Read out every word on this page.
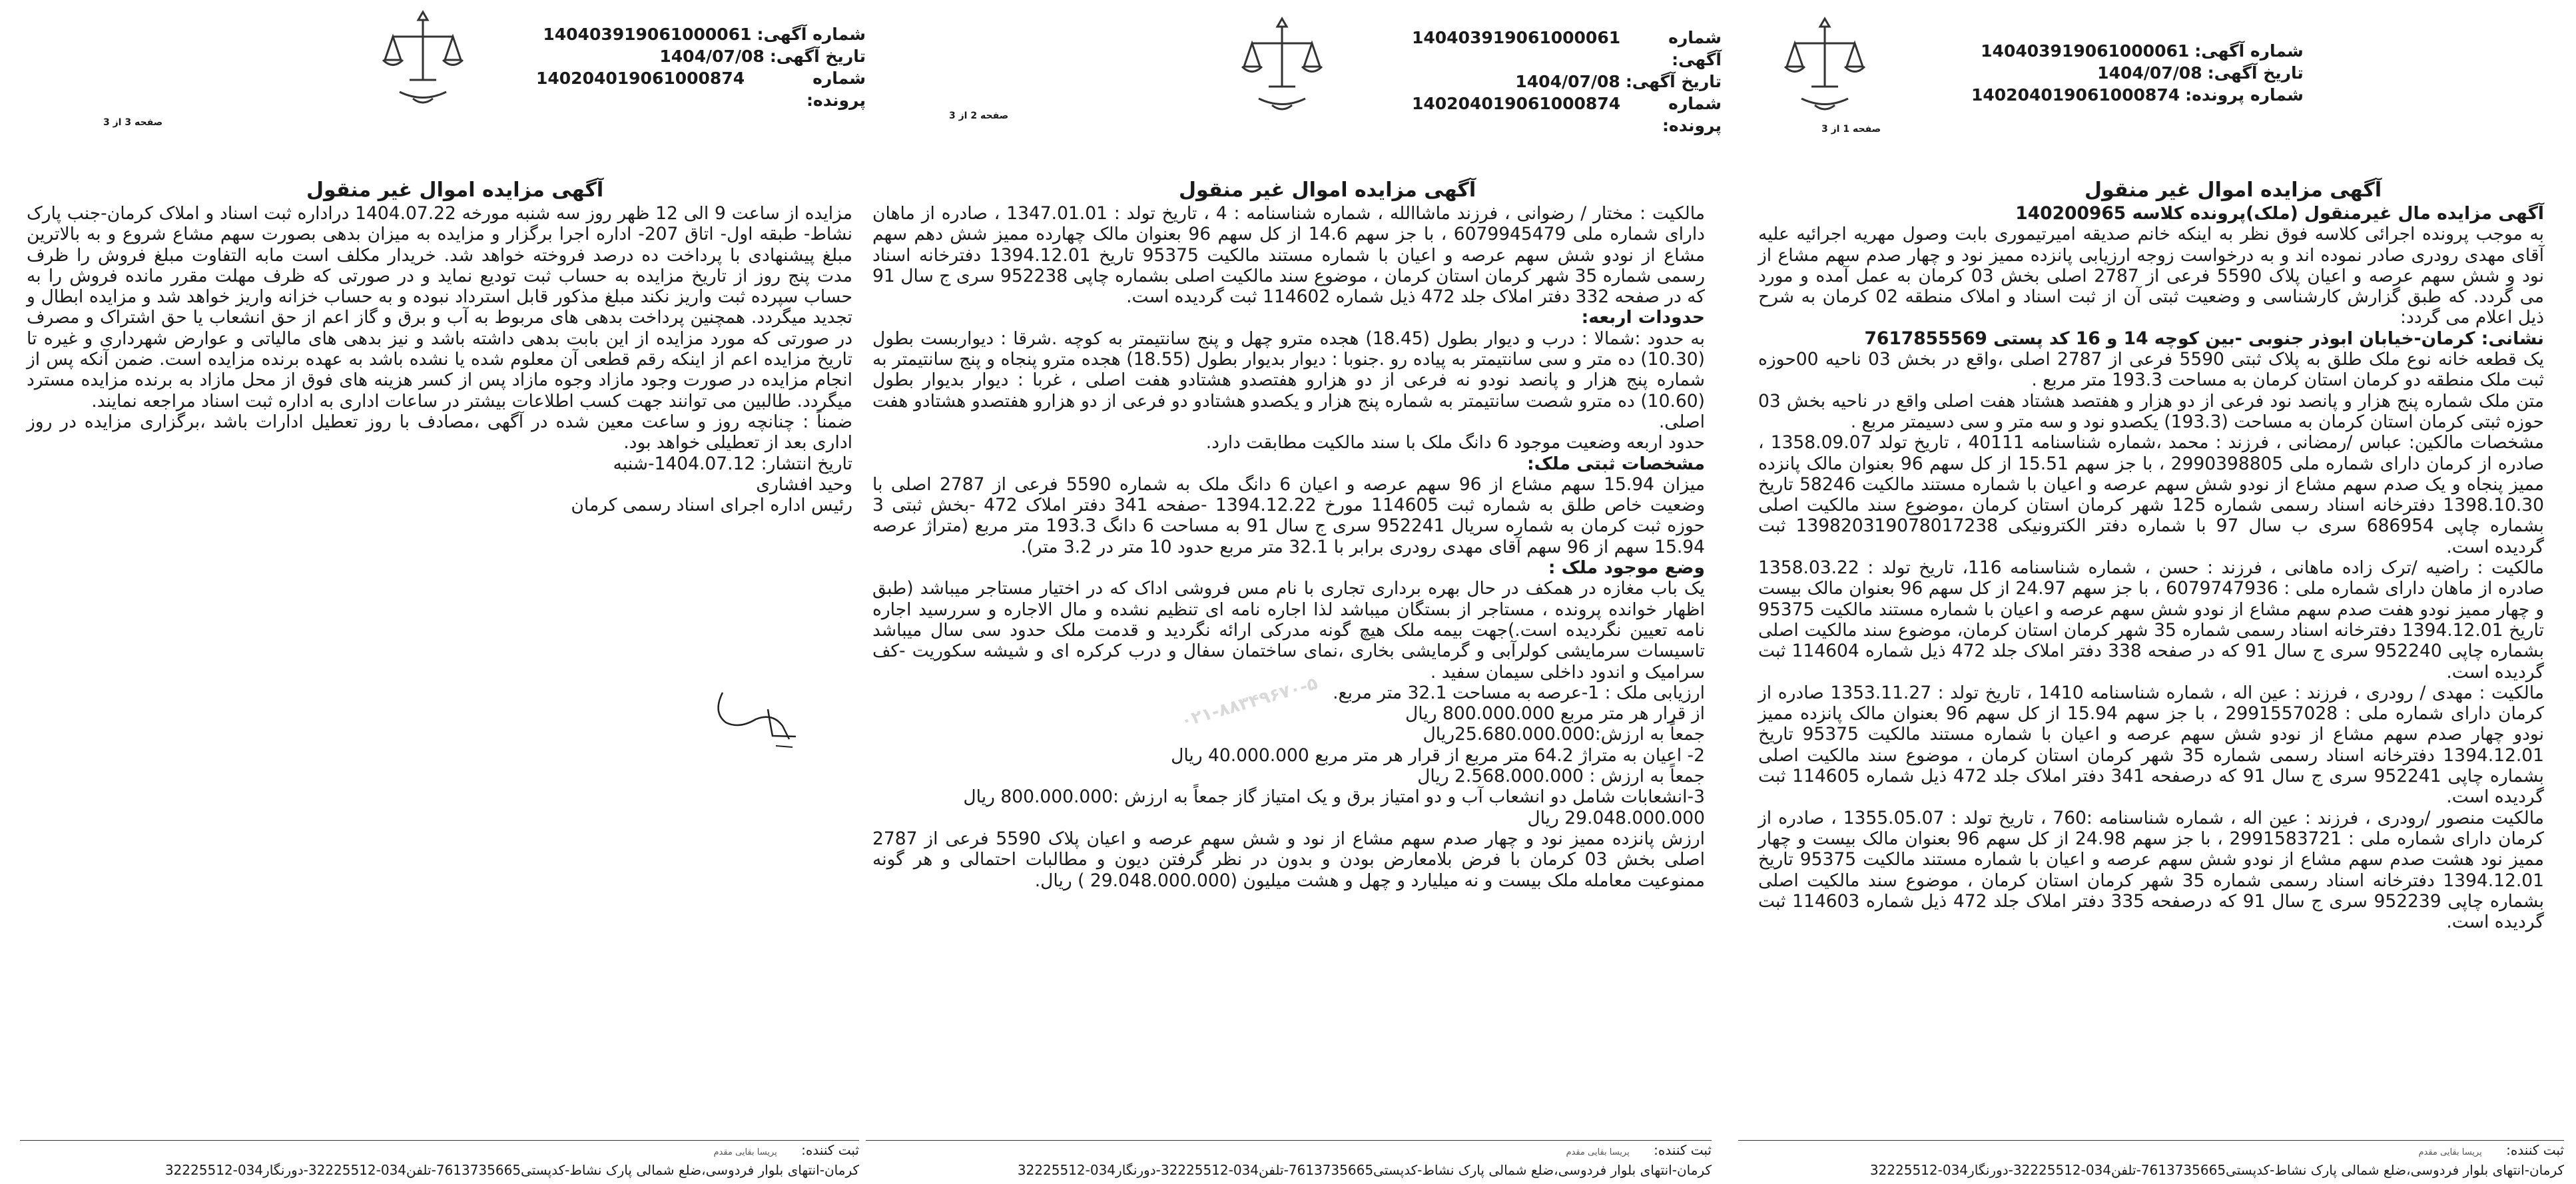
شماره آگهی:
140403919061000061
تاریخ آگهی:
1404/07/08
شماره پرونده:
140204019061000874
صفحه 1 از 3
آگهی مزایده اموال غیر منقول

آگهی مزایده مال غیرمنقول (ملک)پرونده کلاسه 140200965

به موجب پرونده اجرائی کلاسه فوق نظر به اینکه خانم صدیقه امیرتیموری بابت وصول مهریه اجرائیه علیه آقای مهدی رودری صادر نموده اند و به درخواست زوجه ارزیابی پانزده ممیز نود و چهار صدم سهم مشاع از نود و شش سهم عرصه و اعیان پلاک 5590 فرعی از 2787 اصلی بخش 03 کرمان به عمل آمده و مورد می گردد. که طبق گزارش کارشناسی و وضعیت ثبتی آن از ثبت اسناد و املاک منطقه 02 کرمان به شرح ذیل اعلام می گردد:

نشانی: کرمان-خیابان ابوذر جنوبی -بین کوچه 14 و 16 کد پستی 7617855569

یک قطعه خانه نوع ملک طلق به پلاک ثبتی 5590 فرعی از 2787 اصلی ،واقع در بخش 03 ناحیه 00حوزه ثبت ملک منطقه دو کرمان استان کرمان به مساحت 193.3 متر مربع .

متن ملک شماره پنج هزار و پانصد نود فرعی از دو هزار و هفتصد هشتاد هفت اصلی واقع در ناحیه بخش 03 حوزه ثبتی کرمان استان کرمان به مساحت (193.3) یکصدو نود و سه متر و سی دسیمتر مربع .

مشخصات مالکین: عباس /رمضانی ، فرزند : محمد ،شماره شناسنامه 40111 ، تاریخ تولد 1358.09.07 ، صادره از کرمان دارای شماره ملی 2990398805 ، با جز سهم 15.51 از کل سهم 96 بعنوان مالک پانزده ممیز پنجاه و یک صدم سهم مشاع از نودو شش سهم عرصه و اعیان با شماره مستند مالکیت 58246 تاریخ 1398.10.30 دفترخانه اسناد رسمی شماره 125 شهر کرمان استان کرمان ،موضوع سند مالکیت اصلی بشماره چاپی 686954 سری ب سال 97 با شماره دفتر الکترونیکی 139820319078017238 ثبت گردیده است.

مالکیت : راضیه /ترک زاده ماهانی ، فرزند : حسن ، شماره شناسنامه 116، تاریخ تولد : 1358.03.22 صادره از ماهان دارای شماره ملی : 6079747936 ، با جز سهم 24.97 از کل سهم 96 بعنوان مالک بیست و چهار ممیز نودو هفت صدم سهم مشاع از نودو شش سهم عرصه و اعیان با شماره مستند مالکیت 95375 تاریخ 1394.12.01 دفترخانه اسناد رسمی شماره 35 شهر کرمان استان کرمان، موضوع سند مالکیت اصلی بشماره چاپی 952240 سری ج سال 91 که در صفحه 338 دفتر املاک جلد 472 ذیل شماره 114604 ثبت گردیده است.

مالکیت : مهدی / رودری ، فرزند : عین اله ، شماره شناسنامه 1410 ، تاریخ تولد : 1353.11.27 صادره از کرمان دارای شماره ملی : 2991557028 ، با جز سهم 15.94 از کل سهم 96 بعنوان مالک پانزده ممیز نودو چهار صدم سهم مشاع از نودو شش سهم عرصه و اعیان با شماره مستند مالکیت 95375 تاریخ 1394.12.01 دفترخانه اسناد رسمی شماره 35 شهر کرمان استان کرمان ، موضوع سند مالکیت اصلی بشماره چاپی 952241 سری ج سال 91 که درصفحه 341 دفتر املاک جلد 472 ذیل شماره 114605 ثبت گردیده است.

مالکیت منصور /رودری ، فرزند : عین اله ، شماره شناسنامه :760 ، تاریخ تولد : 1355.05.07 ، صادره از کرمان دارای شماره ملی : 2991583721 ، با جز سهم 24.98 از کل سهم 96 بعنوان مالک بیست و چهار ممیز نود هشت صدم سهم مشاع از نودو شش سهم عرصه و اعیان با شماره مستند مالکیت 95375 تاریخ 1394.12.01 دفترخانه اسناد رسمی شماره 35 شهر کرمان استان کرمان ، موضوع سند مالکیت اصلی بشماره چاپی 952239 سری ج سال 91 که درصفحه 335 دفتر املاک جلد 472 ذیل شماره 114603 ثبت گردیده است.

ثبت کننده: پریسا بقایی مقدم
کرمان-انتهای بلوار فردوسی،ضلع شمالی پارک نشاط-کدپستی7613735665-تلفن034-32225512-دورنگار034-32225512
شماره آگهی:
140403919061000061
تاریخ آگهی:
1404/07/08
شماره پرونده:
140204019061000874
صفحه 2 از 3
آگهی مزایده اموال غیر منقول

مالکیت : مختار / رضوانی ، فرزند ماشاالله ، شماره شناسنامه : 4 ، تاریخ تولد : 1347.01.01 ، صادره از ماهان دارای شماره ملی 6079945479 ، با جز سهم 14.6 از کل سهم 96 بعنوان مالک چهارده ممیز شش دهم سهم مشاع از نودو شش سهم عرصه و اعیان با شماره مستند مالکیت 95375 تاریخ 1394.12.01 دفترخانه اسناد رسمی شماره 35 شهر کرمان استان کرمان ، موضوع سند مالکیت اصلی بشماره چاپی 952238 سری ج سال 91 که در صفحه 332 دفتر املاک جلد 472 ذیل شماره 114602 ثبت گردیده است.

حدودات اربعه:

به حدود :شمالا : درب و دیوار بطول (18.45) هجده مترو چهل و پنج سانتیمتر به کوچه .شرقا : دیواربست بطول (10.30) ده متر و سی سانتیمتر به پیاده رو .جنوبا : دیوار بدیوار بطول (18.55) هجده مترو پنجاه و پنج سانتیمتر به شماره پنج هزار و پانصد نودو نه فرعی از دو هزارو هفتصدو هشتادو هفت اصلی ، غربا : دیوار بدیوار بطول (10.60) ده مترو شصت سانتیمتر به شماره پنج هزار و یکصدو هشتادو دو فرعی از دو هزارو هفتصدو هشتادو هفت اصلی.

حدود اربعه وضعیت موجود 6 دانگ ملک با سند مالکیت مطابقت دارد.

مشخصات ثبتی ملک:

میزان 15.94 سهم مشاع از 96 سهم عرصه و اعیان 6 دانگ ملک به شماره 5590 فرعی از 2787 اصلی با وضعیت خاص طلق به شماره ثبت 114605 مورخ 1394.12.22 -صفحه 341 دفتر املاک 472 -بخش ثبتی 3 حوزه ثبت کرمان به شماره سریال 952241 سری ج سال 91 به مساحت 6 دانگ 193.3 متر مربع (متراژ عرصه 15.94 سهم از 96 سهم آقای مهدی رودری برابر با 32.1 متر مربع حدود 10 متر در 3.2 متر).

وضع موجود ملک :

یک باب مغازه در همکف در حال بهره برداری تجاری با نام مس فروشی اداک که در اختیار مستاجر میباشد (طبق اظهار خوانده پرونده ، مستاجر از بستگان میباشد لذا اجاره نامه ای تنظیم نشده و مال الاجاره و سررسید اجاره نامه تعیین نگردیده است.)جهت بیمه ملک هیچ گونه مدرکی ارائه نگردید و قدمت ملک حدود سی سال میباشد تاسیسات سرمایشی کولرآبی و گرمایشی بخاری ،نمای ساختمان سفال و درب کرکره ای و شیشه سکوریت -کف سرامیک و اندود داخلی سیمان سفید .

ارزیابی ملک : 1-عرصه به مساحت 32.1 متر مربع.

از قرار هر متر مربع 800.000.000 ریال

جمعاً به ارزش:25.680.000.000ریال

2- اعیان به متراژ 64.2 متر مربع از قرار هر متر مربع 40.000.000 ریال

جمعاً به ارزش : 2.568.000.000 ریال

3-انشعابات شامل دو انشعاب آب و دو امتیاز برق و یک امتیاز گاز جمعاً به ارزش :800.000.000 ریال

29.048.000.000 ریال

ارزش پانزده ممیز نود و چهار صدم سهم مشاع از نود و شش سهم عرصه و اعیان پلاک 5590 فرعی از 2787 اصلی بخش 03 کرمان با فرض بلامعارض بودن و بدون در نظر گرفتن دیون و مطالبات احتمالی و هر گونه ممنوعیت معامله ملک بیست و نه میلیارد و چهل و هشت میلیون (29.048.000.000 ) ریال.

۰۲۱-۸۸۳۴۹۶۷۰-۵
ثبت کننده: پریسا بقایی مقدم
کرمان-انتهای بلوار فردوسی،ضلع شمالی پارک نشاط-کدپستی7613735665-تلفن034-32225512-دورنگار034-32225512
شماره آگهی:
140403919061000061
تاریخ آگهی:
1404/07/08
شماره پرونده:
140204019061000874
صفحه 3 از 3
آگهی مزایده اموال غیر منقول

مزایده از ساعت 9 الی 12 ظهر روز سه شنبه مورخه 1404.07.22 دراداره ثبت اسناد و املاک کرمان-جنب پارک نشاط- طبقه اول- اتاق 207- اداره اجرا برگزار و مزایده به میزان بدهی بصورت سهم مشاع شروع و به بالاترین مبلغ پیشنهادی با پرداخت ده درصد فروخته خواهد شد. خریدار مکلف است مابه التفاوت مبلغ فروش را ظرف مدت پنج روز از تاریخ مزایده به حساب ثبت تودیع نماید و در صورتی که ظرف مهلت مقرر مانده فروش را به حساب سپرده ثبت واریز نکند مبلغ مذکور قابل استرداد نبوده و به حساب خزانه واریز خواهد شد و مزایده ابطال و تجدید میگردد. همچنین پرداخت بدهی های مربوط به آب و برق و گاز اعم از حق انشعاب یا حق اشتراک و مصرف در صورتی که مورد مزایده از این بابت بدهی داشته باشد و نیز بدهی های مالیاتی و عوارض شهرداری و غیره تا تاریخ مزایده اعم از اینکه رقم قطعی آن معلوم شده یا نشده باشد به عهده برنده مزایده است. ضمن آنکه پس از انجام مزایده در صورت وجود مازاد وجوه مازاد پس از کسر هزینه های فوق از محل مازاد به برنده مزایده مسترد میگردد. طالبین می توانند جهت کسب اطلاعات بیشتر در ساعات اداری به اداره ثبت اسناد مراجعه نمایند.

ضمناً : چنانچه روز و ساعت معین شده در آگهی ،مصادف با روز تعطیل ادارات باشد ،برگزاری مزایده در روز اداری بعد از تعطیلی خواهد بود.

تاریخ انتشار: 1404.07.12-شنبه

وحید افشاری

رئیس اداره اجرای اسناد رسمی کرمان

ثبت کننده: پریسا بقایی مقدم
کرمان-انتهای بلوار فردوسی،ضلع شمالی پارک نشاط-کدپستی7613735665-تلفن034-32225512-دورنگار034-32225512
